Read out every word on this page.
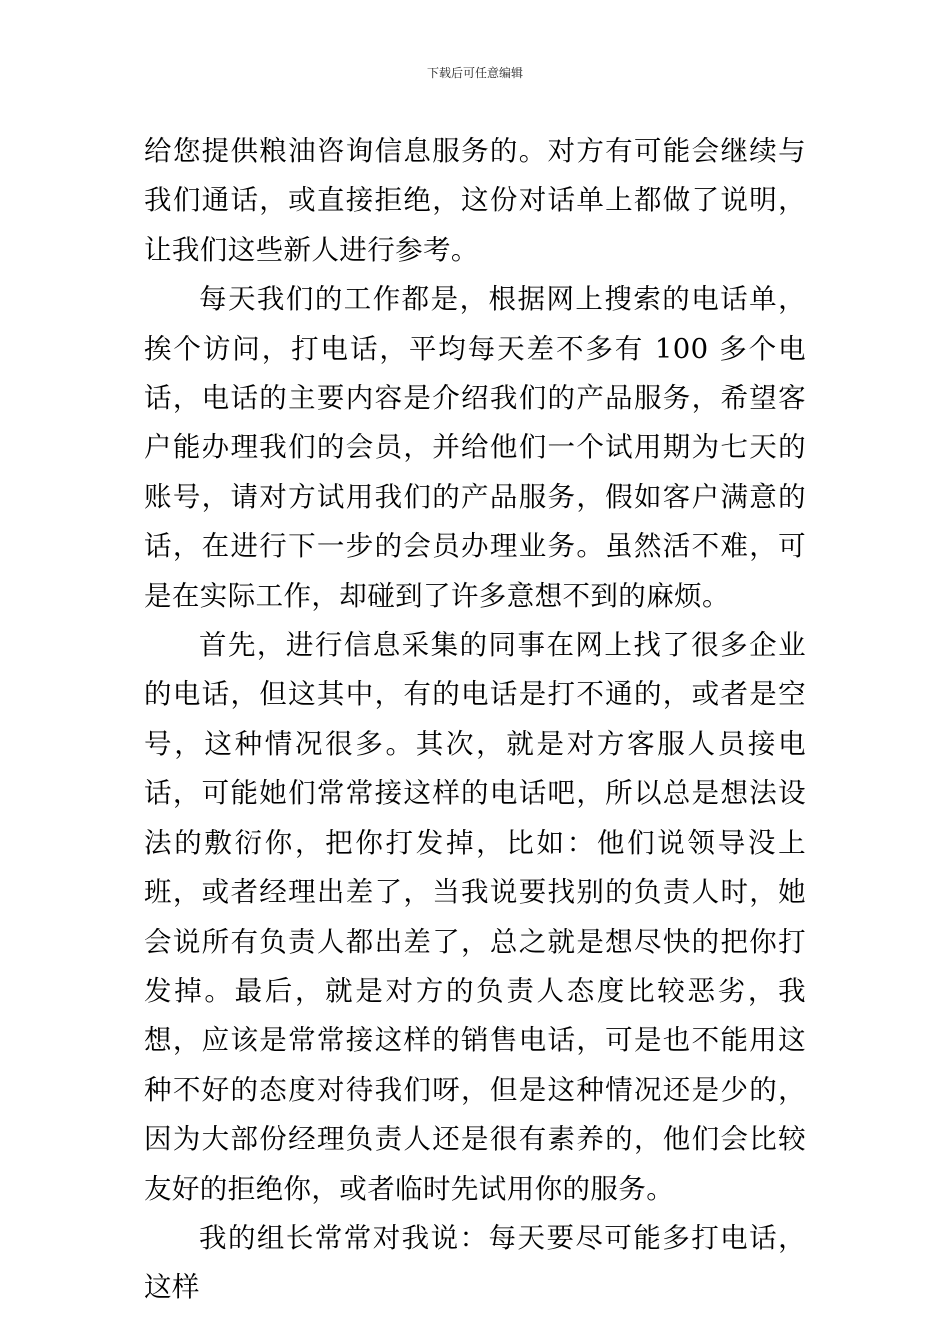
下载后可任意编辑

给您提供粮油咨询信息服务的。对方有可能会继续与我们通话，或直接拒绝，这份对话单上都做了说明，让我们这些新人进行参考。

每天我们的工作都是，根据网上搜索的电话单，挨个访问，打电话，平均每天差不多有 100 多个电话，电话的主要内容是介绍我们的产品服务，希望客户能办理我们的会员，并给他们一个试用期为七天的账号，请对方试用我们的产品服务，假如客户满意的话，在进行下一步的会员办理业务。虽然活不难，可是在实际工作，却碰到了许多意想不到的麻烦。

首先，进行信息采集的同事在网上找了很多企业的电话，但这其中，有的电话是打不通的，或者是空号，这种情况很多。其次，就是对方客服人员接电话，可能她们常常接这样的电话吧，所以总是想法设法的敷衍你，把你打发掉，比如：他们说领导没上班，或者经理出差了，当我说要找别的负责人时，她会说所有负责人都出差了，总之就是想尽快的把你打发掉。最后，就是对方的负责人态度比较恶劣，我想，应该是常常接这样的销售电话，可是也不能用这种不好的态度对待我们呀，但是这种情况还是少的，因为大部份经理负责人还是很有素养的，他们会比较友好的拒绝你，或者临时先试用你的服务。

我的组长常常对我说：每天要尽可能多打电话，这样
